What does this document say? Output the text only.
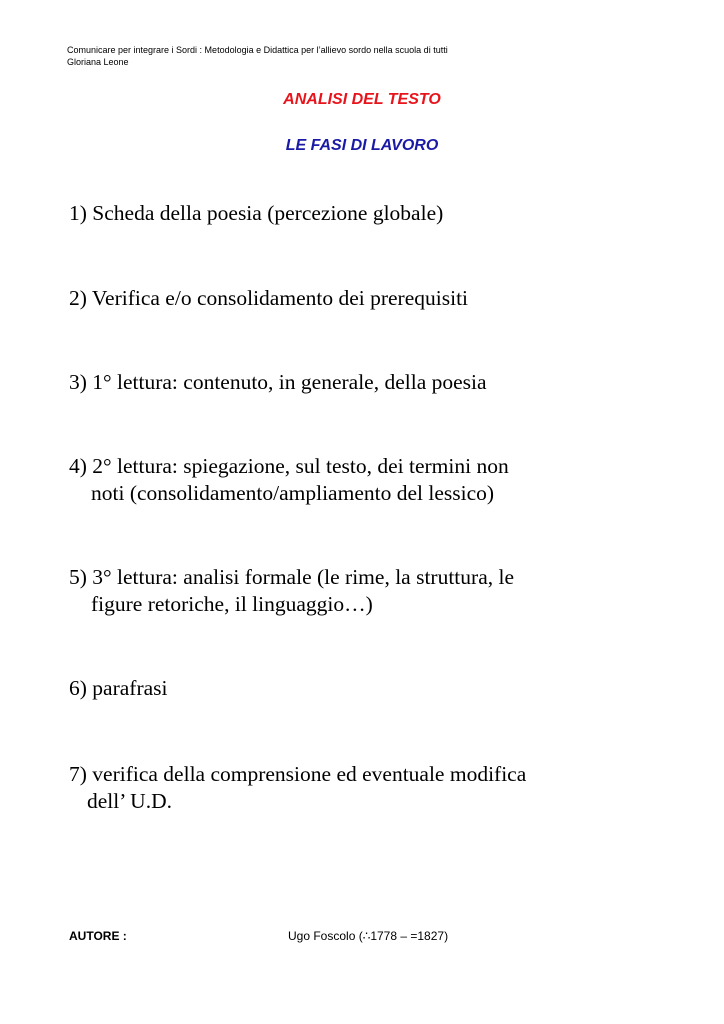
Comunicare per integrare i Sordi : Metodologia e Didattica per l’allievo sordo nella scuola di tutti
Gloriana Leone
ANALISI DEL TESTO
LE FASI DI LAVORO
1) Scheda della poesia (percezione globale)
2) Verifica e/o consolidamento dei prerequisiti
3) 1° lettura: contenuto, in generale, della poesia
4) 2° lettura: spiegazione, sul testo, dei termini non
noti (consolidamento/ampliamento del lessico)
5) 3° lettura: analisi formale (le rime, la struttura, le
figure retoriche, il linguaggio…)
6) parafrasi
7) verifica della comprensione ed eventuale modifica
dell’ U.D.
AUTORE :	Ugo Foscolo (∴1778 – =1827)
